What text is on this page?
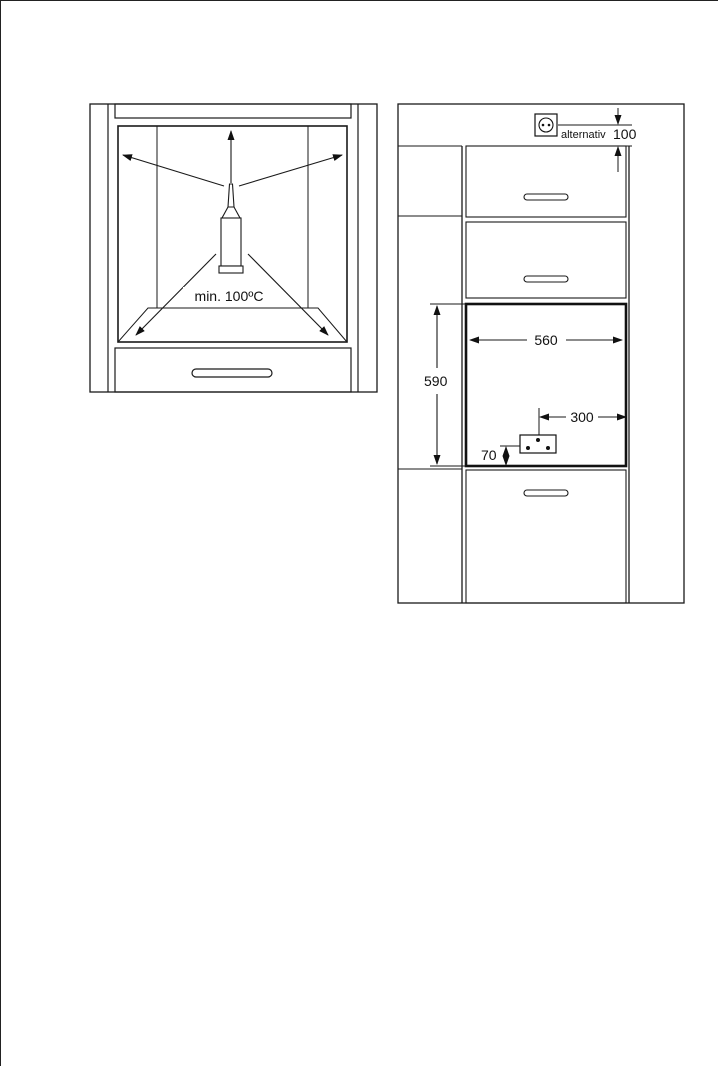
min. 100ºC
alternativ 100
560
590
300
70
